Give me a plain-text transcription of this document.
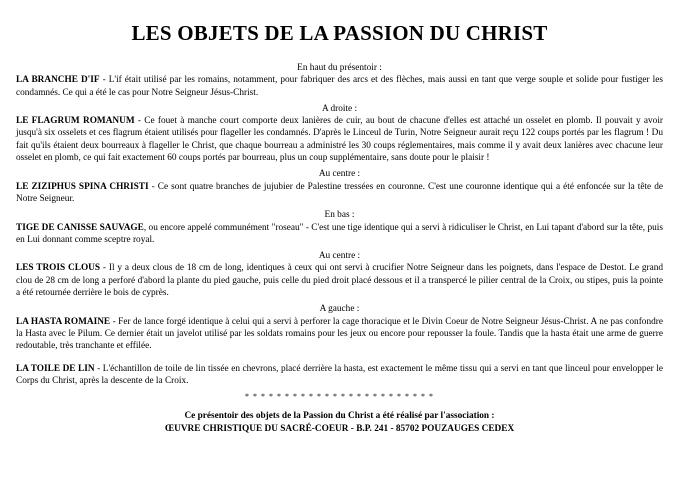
LES OBJETS DE LA PASSION DU CHRIST
En haut du présentoir :

LA BRANCHE D'IF - L'if était utilisé par les romains, notamment, pour fabriquer des arcs et des flèches, mais aussi en tant que verge souple et solide pour fustiger les condamnés. Ce qui a été le cas pour Notre Seigneur Jésus-Christ.

A droite :

LE FLAGRUM ROMANUM - Ce fouet à manche court comporte deux lanières de cuir, au bout de chacune d'elles est attaché un osselet en plomb. Il pouvait y avoir jusqu'à six osselets et ces flagrum étaient utilisés pour flageller les condamnés. D'après le Linceul de Turin, Notre Seigneur aurait reçu 122 coups portés par les flagrum ! Du fait qu'ils étaient deux bourreaux à flageller le Christ, que chaque bourreau a administré les 30 coups réglementaires, mais comme il y avait deux lanières avec chacune leur osselet en plomb, ce qui fait exactement 60 coups portés par bourreau, plus un coup supplémentaire, sans doute pour le plaisir !

Au centre :

LE ZIZIPHUS SPINA CHRISTI - Ce sont quatre branches de jujubier de Palestine tressées en couronne. C'est une couronne identique qui a été enfoncée sur la tête de Notre Seigneur.

En bas :

TIGE DE CANISSE SAUVAGE, ou encore appelé communément "roseau" - C'est une tige identique qui a servi à ridiculiser le Christ, en Lui tapant d'abord sur la tête, puis en Lui donnant comme sceptre royal.

Au centre :

LES TROIS CLOUS - Il y a deux clous de 18 cm de long, identiques à ceux qui ont servi à crucifier Notre Seigneur dans les poignets, dans l'espace de Destot. Le grand clou de 28 cm de long a perforé d'abord la plante du pied gauche, puis celle du pied droit placé dessous et il a transpercé le pilier central de la Croix, ou stipes, puis la pointe a été retournée derrière le bois de cyprès.

A gauche :

LA HASTA ROMAINE - Fer de lance forgé identique à celui qui a servi à perforer la cage thoracique et le Divin Coeur de Notre Seigneur Jésus-Christ. A ne pas confondre la Hasta avec le Pilum. Ce dernier était un javelot utilisé par les soldats romains pour les jeux ou encore pour repousser la foule. Tandis que la hasta était une arme de guerre redoutable, très tranchante et effilée.

LA TOILE DE LIN - L'échantillon de toile de lin tissée en chevrons, placé derrière la hasta, est exactement le même tissu qui a servi en tant que linceul pour envelopper le Corps du Christ, après la descente de la Croix.

* * * * * * * * * * * * * * * * * * * * * * * *
Ce présentoir des objets de la Passion du Christ a été réalisé par l'association :
ŒUVRE CHRISTIQUE DU SACRÉ-COEUR - B.P. 241 - 85702 POUZAUGES CEDEX
